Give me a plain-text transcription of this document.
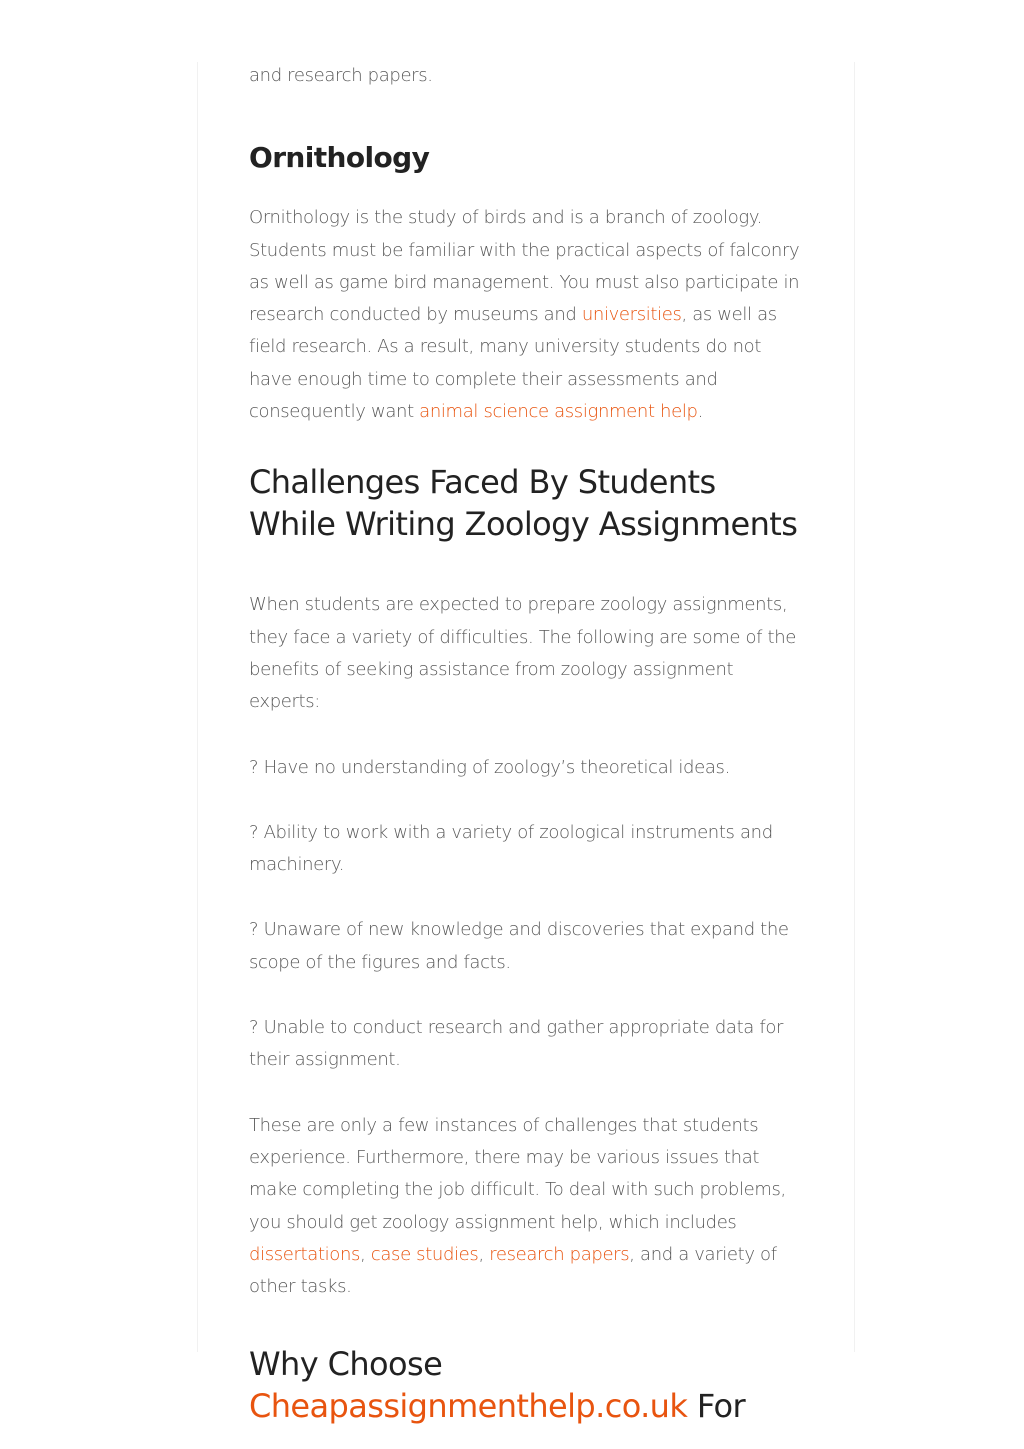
and research papers.

Ornithology

Ornithology is the study of birds and is a branch of zoology. Students must be familiar with the practical aspects of falconry as well as game bird management. You must also participate in research conducted by museums and universities, as well as field research. As a result, many university students do not have enough time to complete their assessments and consequently want animal science assignment help.

Challenges Faced By Students While Writing Zoology Assignments

When students are expected to prepare zoology assignments, they face a variety of difficulties. The following are some of the benefits of seeking assistance from zoology assignment experts:

? Have no understanding of zoology’s theoretical ideas.

? Ability to work with a variety of zoological instruments and machinery.

? Unaware of new knowledge and discoveries that expand the scope of the figures and facts.

? Unable to conduct research and gather appropriate data for their assignment.

These are only a few instances of challenges that students experience. Furthermore, there may be various issues that make completing the job difficult. To deal with such problems, you should get zoology assignment help, which includes dissertations, case studies, research papers, and a variety of other tasks.

Why Choose Cheapassignmenthelp.co.uk For
